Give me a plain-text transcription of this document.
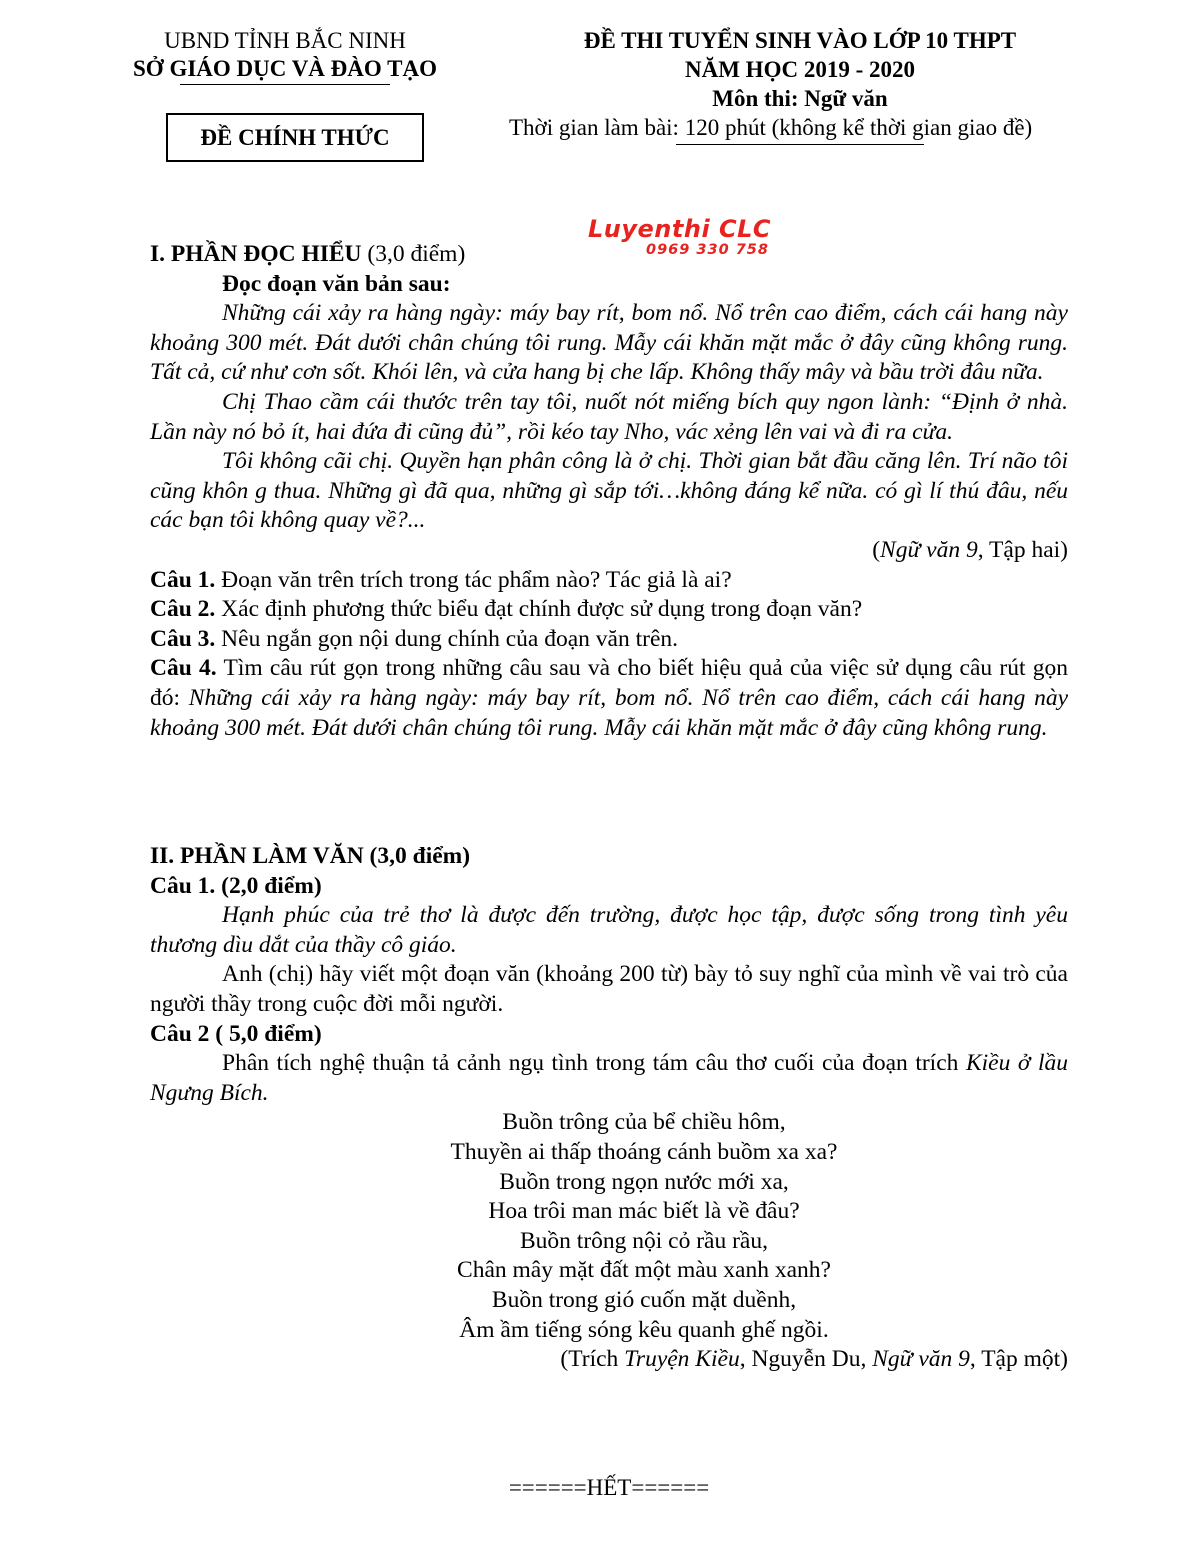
UBND TỈNH BẮC NINH
SỞ GIÁO DỤC VÀ ĐÀO TẠO
ĐỀ CHÍNH THỨC
ĐỀ THI TUYỂN SINH VÀO LỚP 10 THPT
NĂM HỌC 2019 - 2020
Môn thi: Ngữ văn
Thời gian làm bài: 120 phút (không kể thời gian giao đề)
Luyenthi CLC
0969 330 758

I. PHẦN ĐỌC HIỂU (3,0 điểm)

Đọc đoạn văn bản sau:

Những cái xảy ra hàng ngày: máy bay rít, bom nổ. Nổ trên cao điểm, cách cái hang này khoảng 300 mét. Đát dưới chân chúng tôi rung. Mẫy cái khăn mặt mắc ở đây cũng không rung. Tất cả, cứ như cơn sốt. Khói lên, và cửa hang bị che lấp. Không thấy mây và bầu trời đâu nữa.

Chị Thao cầm cái thước trên tay tôi, nuốt nót miếng bích quy ngon lành: “Định ở nhà. Lần này nó bỏ ít, hai đứa đi cũng đủ”, rồi kéo tay Nho, vác xẻng lên vai và đi ra cửa.

Tôi không cãi chị. Quyền hạn phân công là ở chị. Thời gian bắt đầu căng lên. Trí não tôi cũng khôn g thua. Những gì đã qua, những gì sắp tới…không đáng kể nữa. có gì lí thú đâu, nếu các bạn tôi không quay về?...

(Ngữ văn 9, Tập hai)

Câu 1. Đoạn văn trên trích trong tác phẩm nào? Tác giả là ai?

Câu 2. Xác định phương thức biểu đạt chính được sử dụng trong đoạn văn?

Câu 3. Nêu ngắn gọn nội dung chính của đoạn văn trên.

Câu 4. Tìm câu rút gọn trong những câu sau và cho biết hiệu quả của việc sử dụng câu rút gọn đó: Những cái xảy ra hàng ngày: máy bay rít, bom nổ. Nổ trên cao điểm, cách cái hang này khoảng 300 mét. Đát dưới chân chúng tôi rung. Mẫy cái khăn mặt mắc ở đây cũng không rung.

II. PHẦN LÀM VĂN (3,0 điểm)

Câu 1. (2,0 điểm)

Hạnh phúc của trẻ thơ là được đến trường, được học tập, được sống trong tình yêu thương dìu dắt của thầy cô giáo.

Anh (chị) hãy viết một đoạn văn (khoảng 200 từ) bày tỏ suy nghĩ của mình về vai trò của người thầy trong cuộc đời mỗi người.

Câu 2 ( 5,0 điểm)

Phân tích nghệ thuận tả cảnh ngụ tình trong tám câu thơ cuối của đoạn trích Kiều ở lầu Ngưng Bích.

Buồn trông của bể chiều hôm,

Thuyền ai thấp thoáng cánh buồm xa xa?

Buồn trong ngọn nước mới xa,

Hoa trôi man mác biết là về đâu?

Buồn trông nội cỏ rầu rầu,

Chân mây mặt đất một màu xanh xanh?

Buồn trong gió cuốn mặt duềnh,

Âm ầm tiếng sóng kêu quanh ghế ngồi.

(Trích Truyện Kiều, Nguyễn Du, Ngữ văn 9, Tập một)

======HẾT======
